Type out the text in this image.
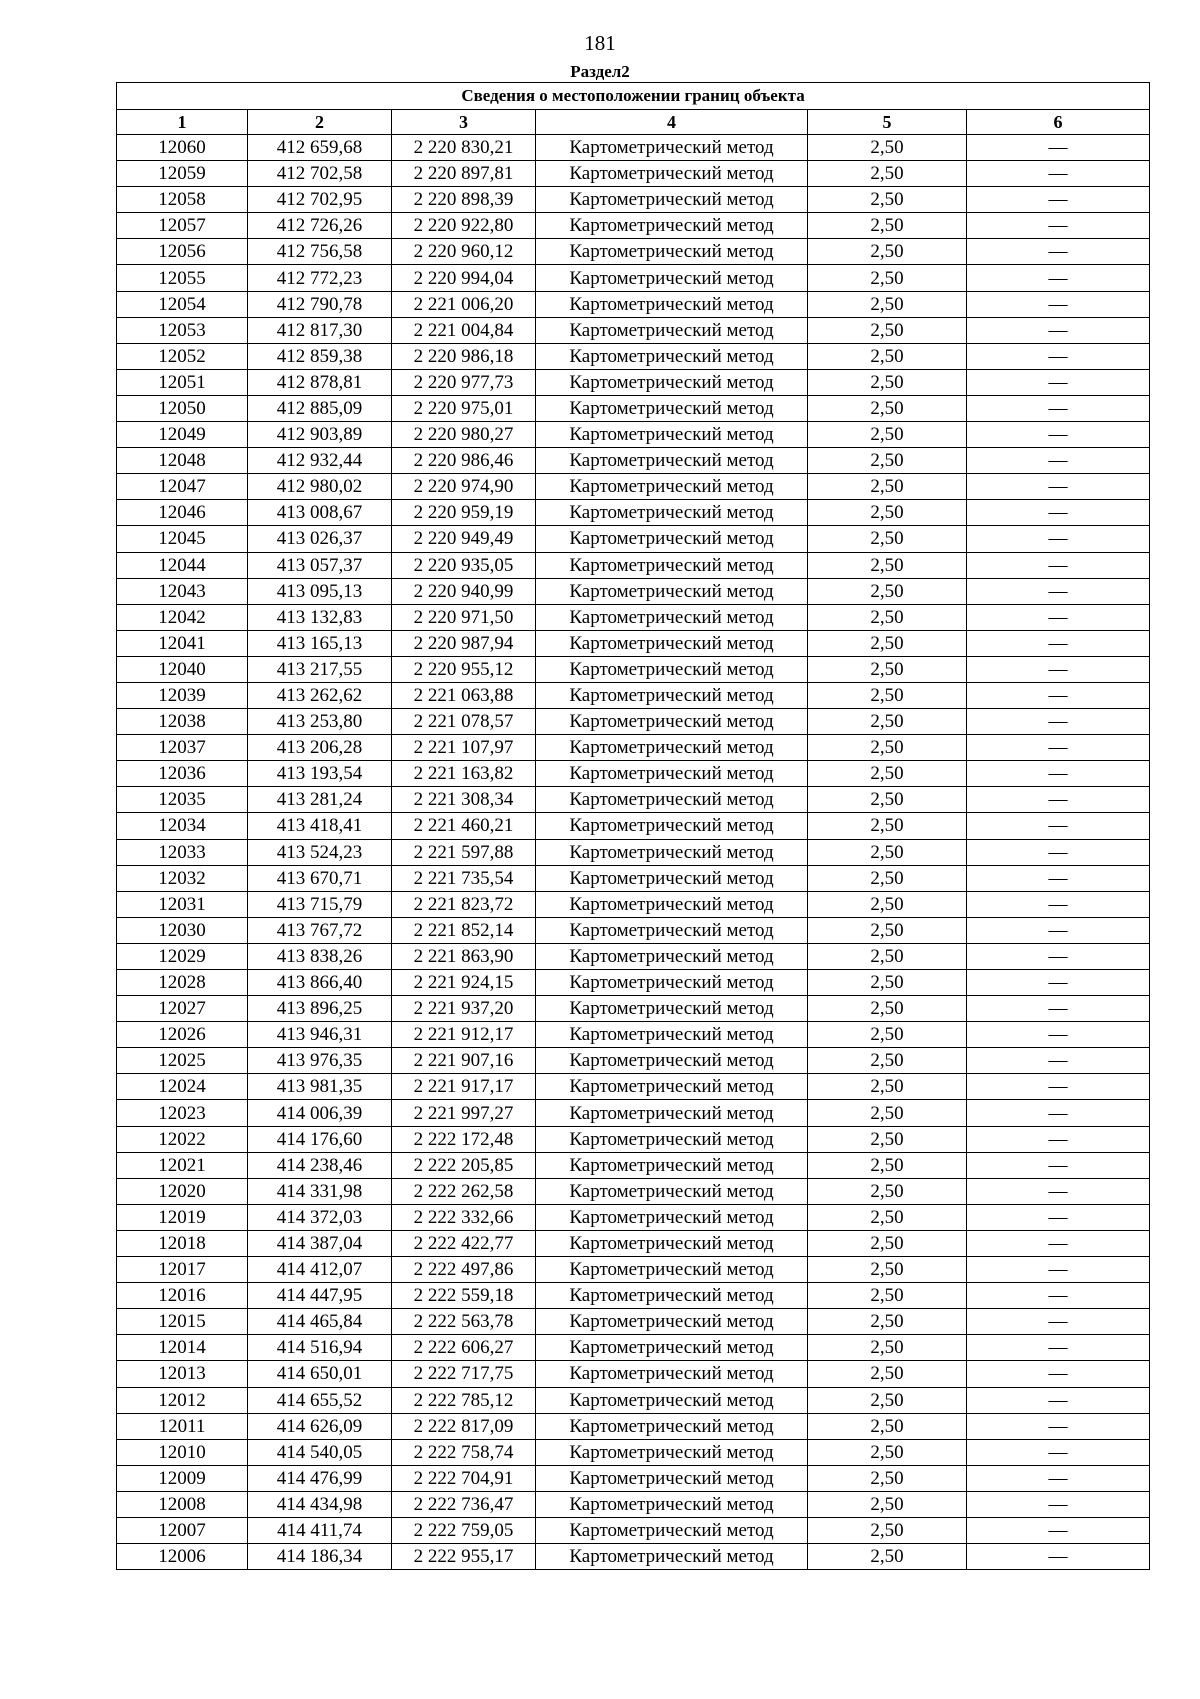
181
Раздел2
Сведения о местоположении границ объекта					
1	2	3	4	5	6
12060	412 659,68	2 220 830,21	Картометрический метод	2,50	—
12059	412 702,58	2 220 897,81	Картометрический метод	2,50	—
12058	412 702,95	2 220 898,39	Картометрический метод	2,50	—
12057	412 726,26	2 220 922,80	Картометрический метод	2,50	—
12056	412 756,58	2 220 960,12	Картометрический метод	2,50	—
12055	412 772,23	2 220 994,04	Картометрический метод	2,50	—
12054	412 790,78	2 221 006,20	Картометрический метод	2,50	—
12053	412 817,30	2 221 004,84	Картометрический метод	2,50	—
12052	412 859,38	2 220 986,18	Картометрический метод	2,50	—
12051	412 878,81	2 220 977,73	Картометрический метод	2,50	—
12050	412 885,09	2 220 975,01	Картометрический метод	2,50	—
12049	412 903,89	2 220 980,27	Картометрический метод	2,50	—
12048	412 932,44	2 220 986,46	Картометрический метод	2,50	—
12047	412 980,02	2 220 974,90	Картометрический метод	2,50	—
12046	413 008,67	2 220 959,19	Картометрический метод	2,50	—
12045	413 026,37	2 220 949,49	Картометрический метод	2,50	—
12044	413 057,37	2 220 935,05	Картометрический метод	2,50	—
12043	413 095,13	2 220 940,99	Картометрический метод	2,50	—
12042	413 132,83	2 220 971,50	Картометрический метод	2,50	—
12041	413 165,13	2 220 987,94	Картометрический метод	2,50	—
12040	413 217,55	2 220 955,12	Картометрический метод	2,50	—
12039	413 262,62	2 221 063,88	Картометрический метод	2,50	—
12038	413 253,80	2 221 078,57	Картометрический метод	2,50	—
12037	413 206,28	2 221 107,97	Картометрический метод	2,50	—
12036	413 193,54	2 221 163,82	Картометрический метод	2,50	—
12035	413 281,24	2 221 308,34	Картометрический метод	2,50	—
12034	413 418,41	2 221 460,21	Картометрический метод	2,50	—
12033	413 524,23	2 221 597,88	Картометрический метод	2,50	—
12032	413 670,71	2 221 735,54	Картометрический метод	2,50	—
12031	413 715,79	2 221 823,72	Картометрический метод	2,50	—
12030	413 767,72	2 221 852,14	Картометрический метод	2,50	—
12029	413 838,26	2 221 863,90	Картометрический метод	2,50	—
12028	413 866,40	2 221 924,15	Картометрический метод	2,50	—
12027	413 896,25	2 221 937,20	Картометрический метод	2,50	—
12026	413 946,31	2 221 912,17	Картометрический метод	2,50	—
12025	413 976,35	2 221 907,16	Картометрический метод	2,50	—
12024	413 981,35	2 221 917,17	Картометрический метод	2,50	—
12023	414 006,39	2 221 997,27	Картометрический метод	2,50	—
12022	414 176,60	2 222 172,48	Картометрический метод	2,50	—
12021	414 238,46	2 222 205,85	Картометрический метод	2,50	—
12020	414 331,98	2 222 262,58	Картометрический метод	2,50	—
12019	414 372,03	2 222 332,66	Картометрический метод	2,50	—
12018	414 387,04	2 222 422,77	Картометрический метод	2,50	—
12017	414 412,07	2 222 497,86	Картометрический метод	2,50	—
12016	414 447,95	2 222 559,18	Картометрический метод	2,50	—
12015	414 465,84	2 222 563,78	Картометрический метод	2,50	—
12014	414 516,94	2 222 606,27	Картометрический метод	2,50	—
12013	414 650,01	2 222 717,75	Картометрический метод	2,50	—
12012	414 655,52	2 222 785,12	Картометрический метод	2,50	—
12011	414 626,09	2 222 817,09	Картометрический метод	2,50	—
12010	414 540,05	2 222 758,74	Картометрический метод	2,50	—
12009	414 476,99	2 222 704,91	Картометрический метод	2,50	—
12008	414 434,98	2 222 736,47	Картометрический метод	2,50	—
12007	414 411,74	2 222 759,05	Картометрический метод	2,50	—
12006	414 186,34	2 222 955,17	Картометрический метод	2,50	—
